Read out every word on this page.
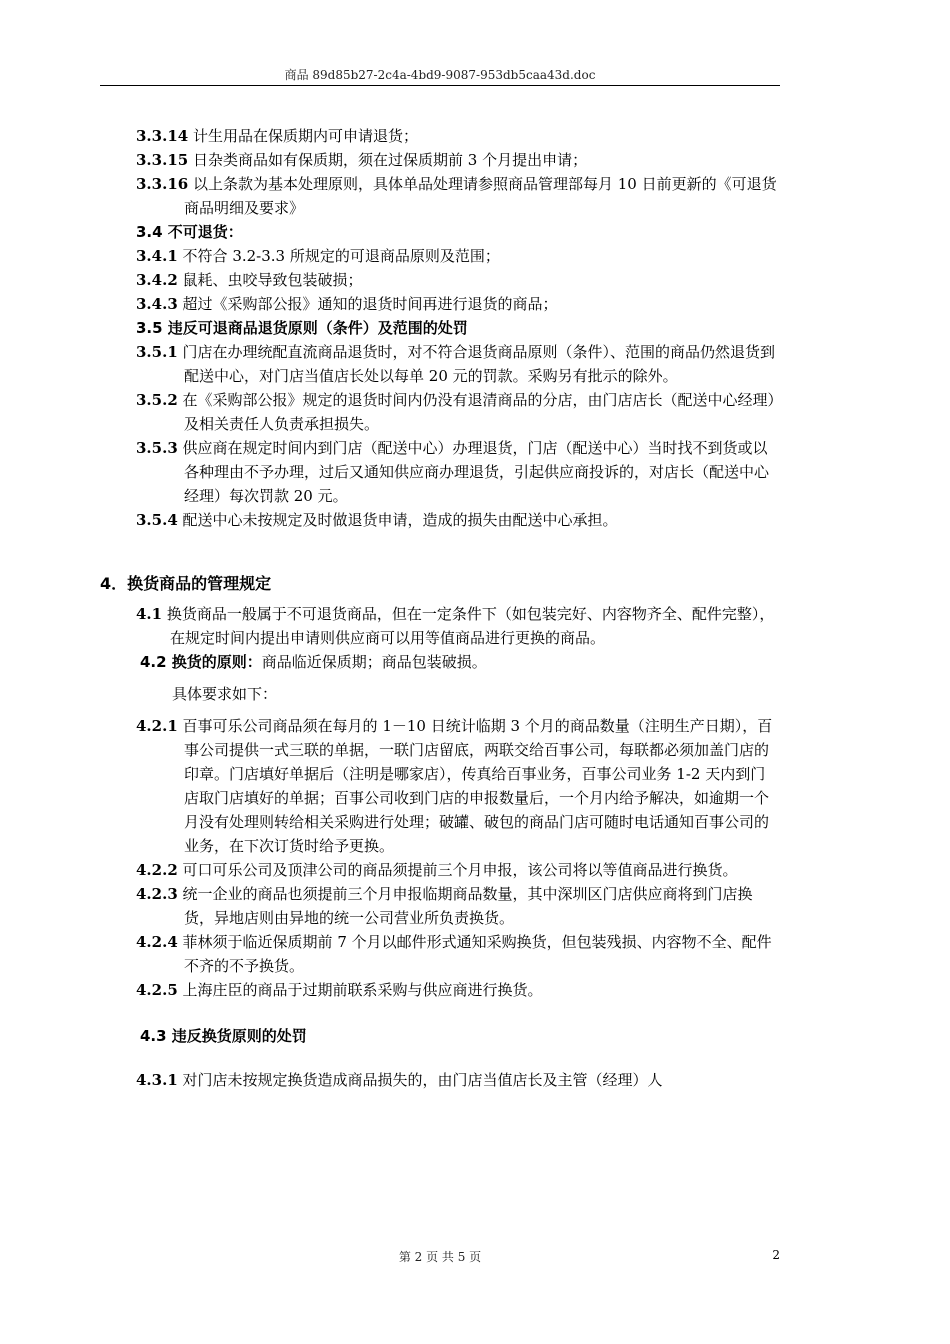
商品 89d85b27-2c4a-4bd9-9087-953db5caa43d.doc

3.3.14 计生用品在保质期内可申请退货；

3.3.15 日杂类商品如有保质期，须在过保质期前 3 个月提出申请；

3.3.16 以上条款为基本处理原则，具体单品处理请参照商品管理部每月 10 日前更新的《可退货商品明细及要求》

3.4 不可退货：

3.4.1 不符合 3.2-3.3 所规定的可退商品原则及范围；

3.4.2 鼠耗、虫咬导致包装破损；

3.4.3 超过《采购部公报》通知的退货时间再进行退货的商品；

3.5 违反可退商品退货原则（条件）及范围的处罚

3.5.1 门店在办理统配直流商品退货时，对不符合退货商品原则（条件）、范围的商品仍然退货到配送中心，对门店当值店长处以每单 20 元的罚款。采购另有批示的除外。

3.5.2 在《采购部公报》规定的退货时间内仍没有退清商品的分店，由门店店长（配送中心经理）及相关责任人负责承担损失。

3.5.3 供应商在规定时间内到门店（配送中心）办理退货，门店（配送中心）当时找不到货或以各种理由不予办理，过后又通知供应商办理退货，引起供应商投诉的，对店长（配送中心经理）每次罚款 20 元。

3.5.4 配送中心未按规定及时做退货申请，造成的损失由配送中心承担。

4．换货商品的管理规定

4.1 换货商品一般属于不可退货商品，但在一定条件下（如包装完好、内容物齐全、配件完整），在规定时间内提出申请则供应商可以用等值商品进行更换的商品。

4.2 换货的原则：商品临近保质期；商品包装破损。

具体要求如下：

4.2.1 百事可乐公司商品须在每月的 1－10 日统计临期 3 个月的商品数量（注明生产日期），百事公司提供一式三联的单据，一联门店留底，两联交给百事公司，每联都必须加盖门店的印章。门店填好单据后（注明是哪家店），传真给百事业务，百事公司业务 1-2 天内到门店取门店填好的单据；百事公司收到门店的申报数量后，一个月内给予解决，如逾期一个月没有处理则转给相关采购进行处理；破罐、破包的商品门店可随时电话通知百事公司的业务，在下次订货时给予更换。

4.2.2 可口可乐公司及顶津公司的商品须提前三个月申报，该公司将以等值商品进行换货。

4.2.3 统一企业的商品也须提前三个月申报临期商品数量，其中深圳区门店供应商将到门店换货，异地店则由异地的统一公司营业所负责换货。

4.2.4 菲林须于临近保质期前 7 个月以邮件形式通知采购换货，但包装残损、内容物不全、配件不齐的不予换货。

4.2.5 上海庄臣的商品于过期前联系采购与供应商进行换货。

4.3 违反换货原则的处罚

4.3.1 对门店未按规定换货造成商品损失的，由门店当值店长及主管（经理）人

第 2 页 共 5 页	2
